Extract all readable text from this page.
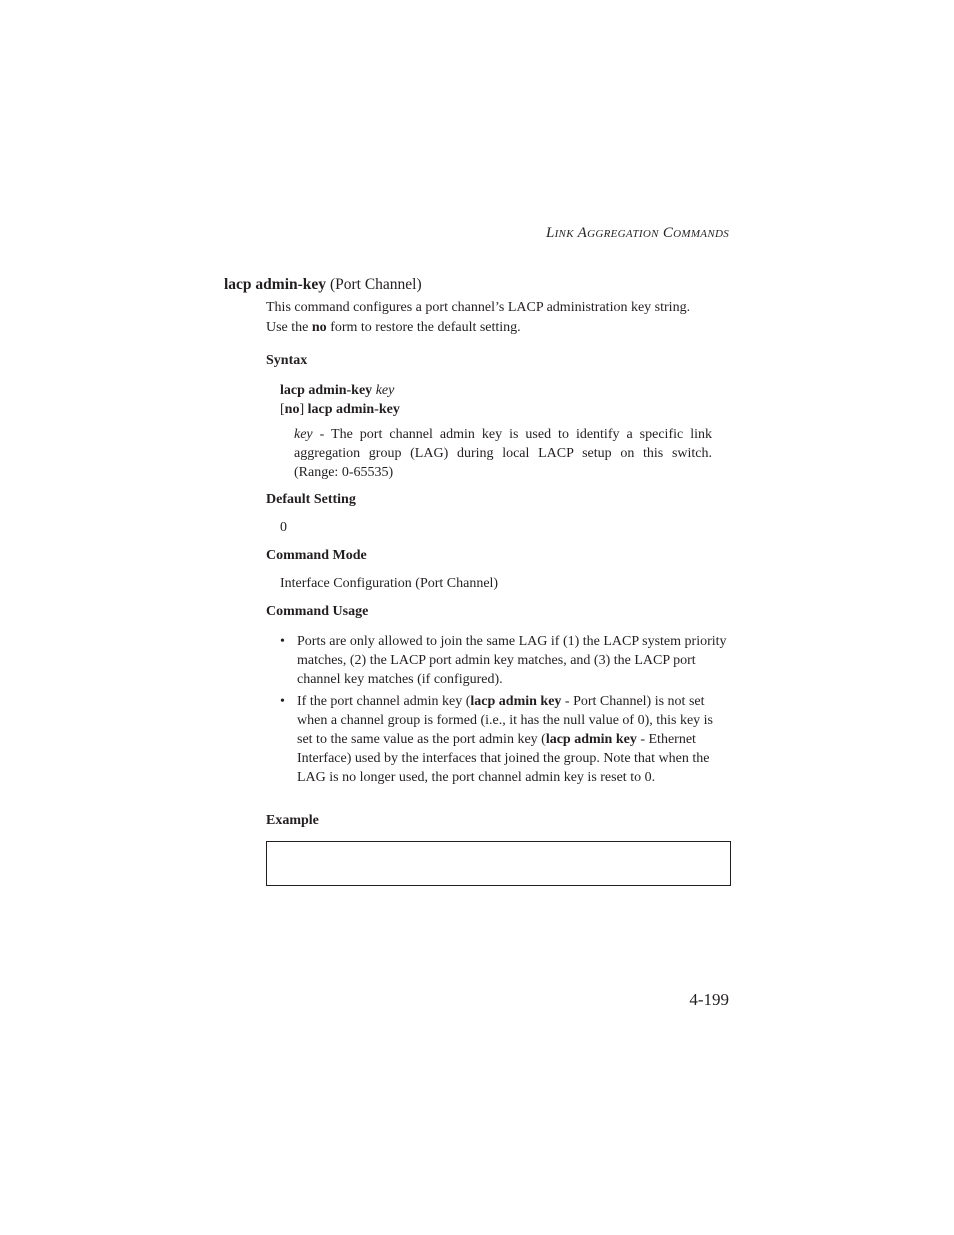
LINK AGGREGATION COMMANDS
lacp admin-key (Port Channel)
This command configures a port channel’s LACP administration key string.
Use the no form to restore the default setting.
Syntax
lacp admin-key key
[no] lacp admin-key
key - The port channel admin key is used to identify a specific link aggregation group (LAG) during local LACP setup on this switch. (Range: 0-65535)
Default Setting
0
Command Mode
Interface Configuration (Port Channel)
Command Usage
• Ports are only allowed to join the same LAG if (1) the LACP system priority matches, (2) the LACP port admin key matches, and (3) the LACP port channel key matches (if configured).
• If the port channel admin key (lacp admin key - Port Channel) is not set when a channel group is formed (i.e., it has the null value of 0), this key is set to the same value as the port admin key (lacp admin key - Ethernet Interface) used by the interfaces that joined the group. Note that when the LAG is no longer used, the port channel admin key is reset to 0.
Example
4-199
